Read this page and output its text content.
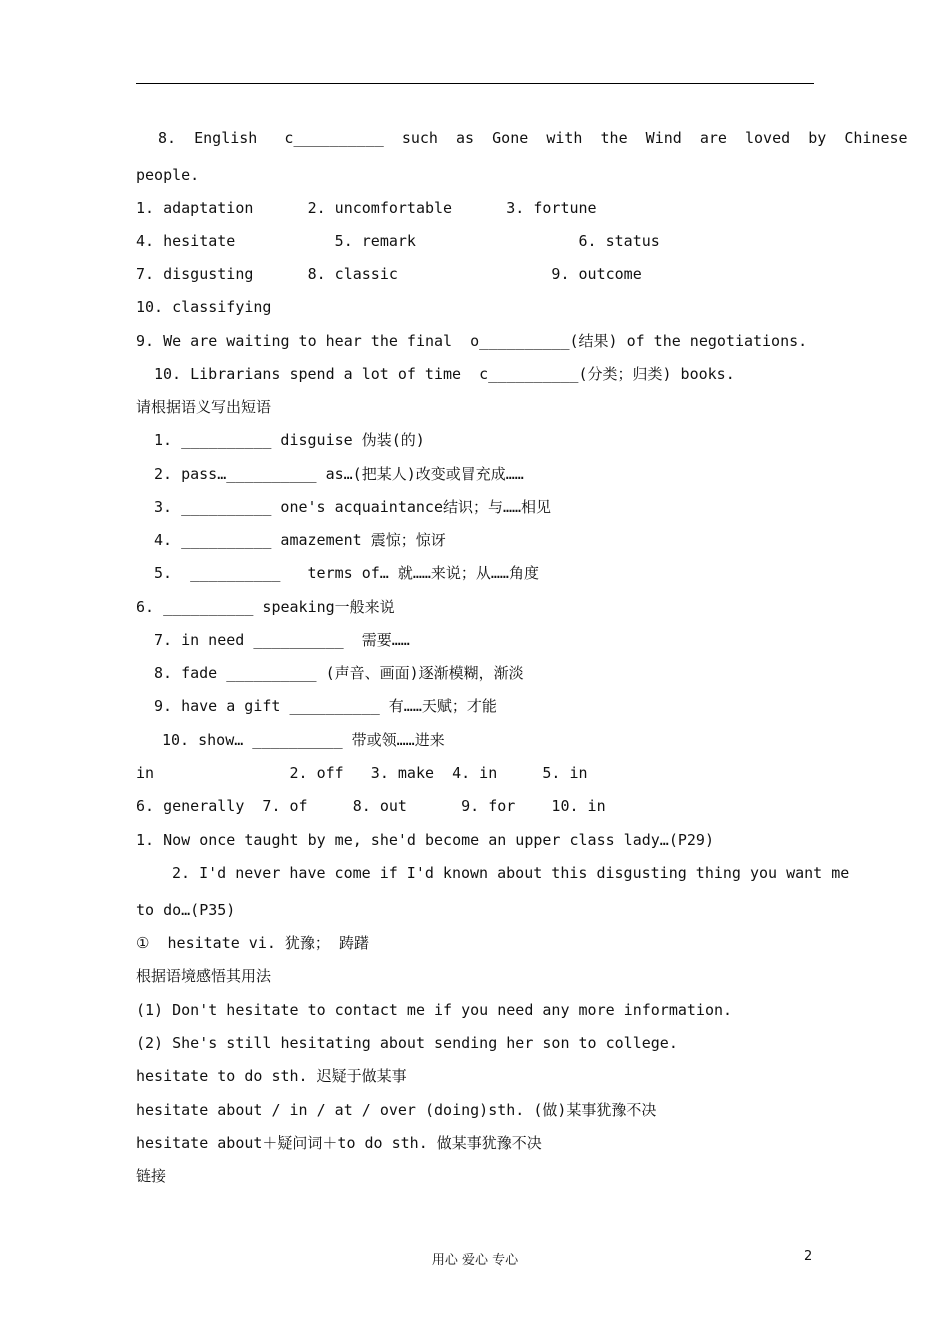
8.  English   c__________  such  as  Gone  with  the  Wind  are  loved  by  Chinese
people.
1. adaptation      2. uncomfortable      3. fortune
4. hesitate           5. remark                  6. status
7. disgusting      8. classic                 9. outcome
10. classifying
9. We are waiting to hear the final  o__________(结果) of the negotiations.
10. Librarians spend a lot of time  c__________(分类；归类) books.
请根据语义写出短语
1. __________ disguise 伪装(的)
2. pass…__________ as…(把某人)改变或冒充成……
3. __________ one's acquaintance结识；与……相见
4. __________ amazement 震惊；惊讶
5.  __________   terms of… 就……来说；从……角度
6. __________ speaking一般来说
7. in need __________  需要……
8. fade __________ (声音、画面)逐渐模糊，渐淡
9. have a gift __________ 有……天赋；才能
10. show… __________ 带或领……进来
in               2. off   3. make  4. in     5. in
6. generally  7. of     8. out      9. for    10. in
1. Now once taught by me, she'd become an upper class lady…(P29)
2. I'd never have come if I'd known about this disgusting thing you want me
to do…(P35)
①  hesitate vi. 犹豫； 踌躇
根据语境感悟其用法
(1) Don't hesitate to contact me if you need any more information.
(2) She's still hesitating about sending her son to college.
hesitate to do sth. 迟疑于做某事
hesitate about / in / at / over (doing)sth. (做)某事犹豫不决
hesitate about＋疑问词＋to do sth. 做某事犹豫不决
链接
用心 爱心 专心	2
